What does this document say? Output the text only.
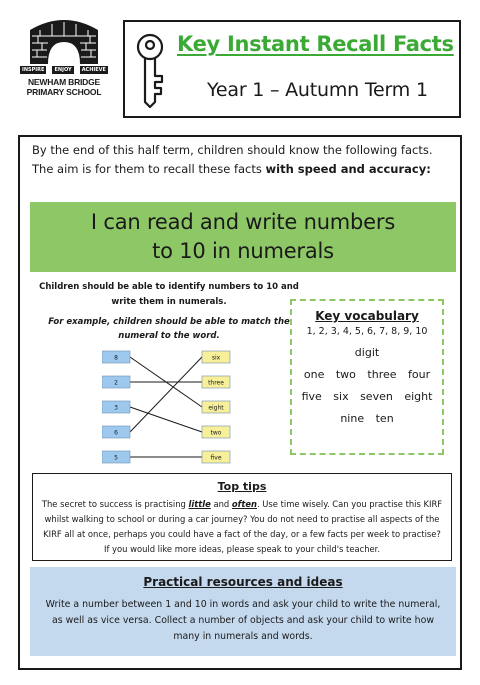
INSPIRE	ENJOY	ACHIEVE
NEWHAM BRIDGE
PRIMARY SCHOOL
Key Instant Recall Facts
Year 1 – Autumn Term 1
By the end of this half term, children should know the following facts. The aim is for them to recall these facts with speed and accuracy:
I can read and write numbers
to 10 in numerals
Children should be able to identify numbers to 10 and write them in numerals.
For example, children should be able to match the numeral to the word.
8
2
3
6
5
six
three
eight
two
five
Key vocabulary
1, 2, 3, 4, 5, 6, 7, 8, 9, 10
digit
one two three four
five six seven eight
nine ten
Top tips
The secret to success is practising little and often. Use time wisely. Can you practise this KIRF whilst walking to school or during a car journey? You do not need to practise all aspects of the KIRF all at once, perhaps you could have a fact of the day, or a few facts per week to practise? If you would like more ideas, please speak to your child's teacher.
Practical resources and ideas
Write a number between 1 and 10 in words and ask your child to write the numeral, as well as vice versa. Collect a number of objects and ask your child to write how many in numerals and words.
